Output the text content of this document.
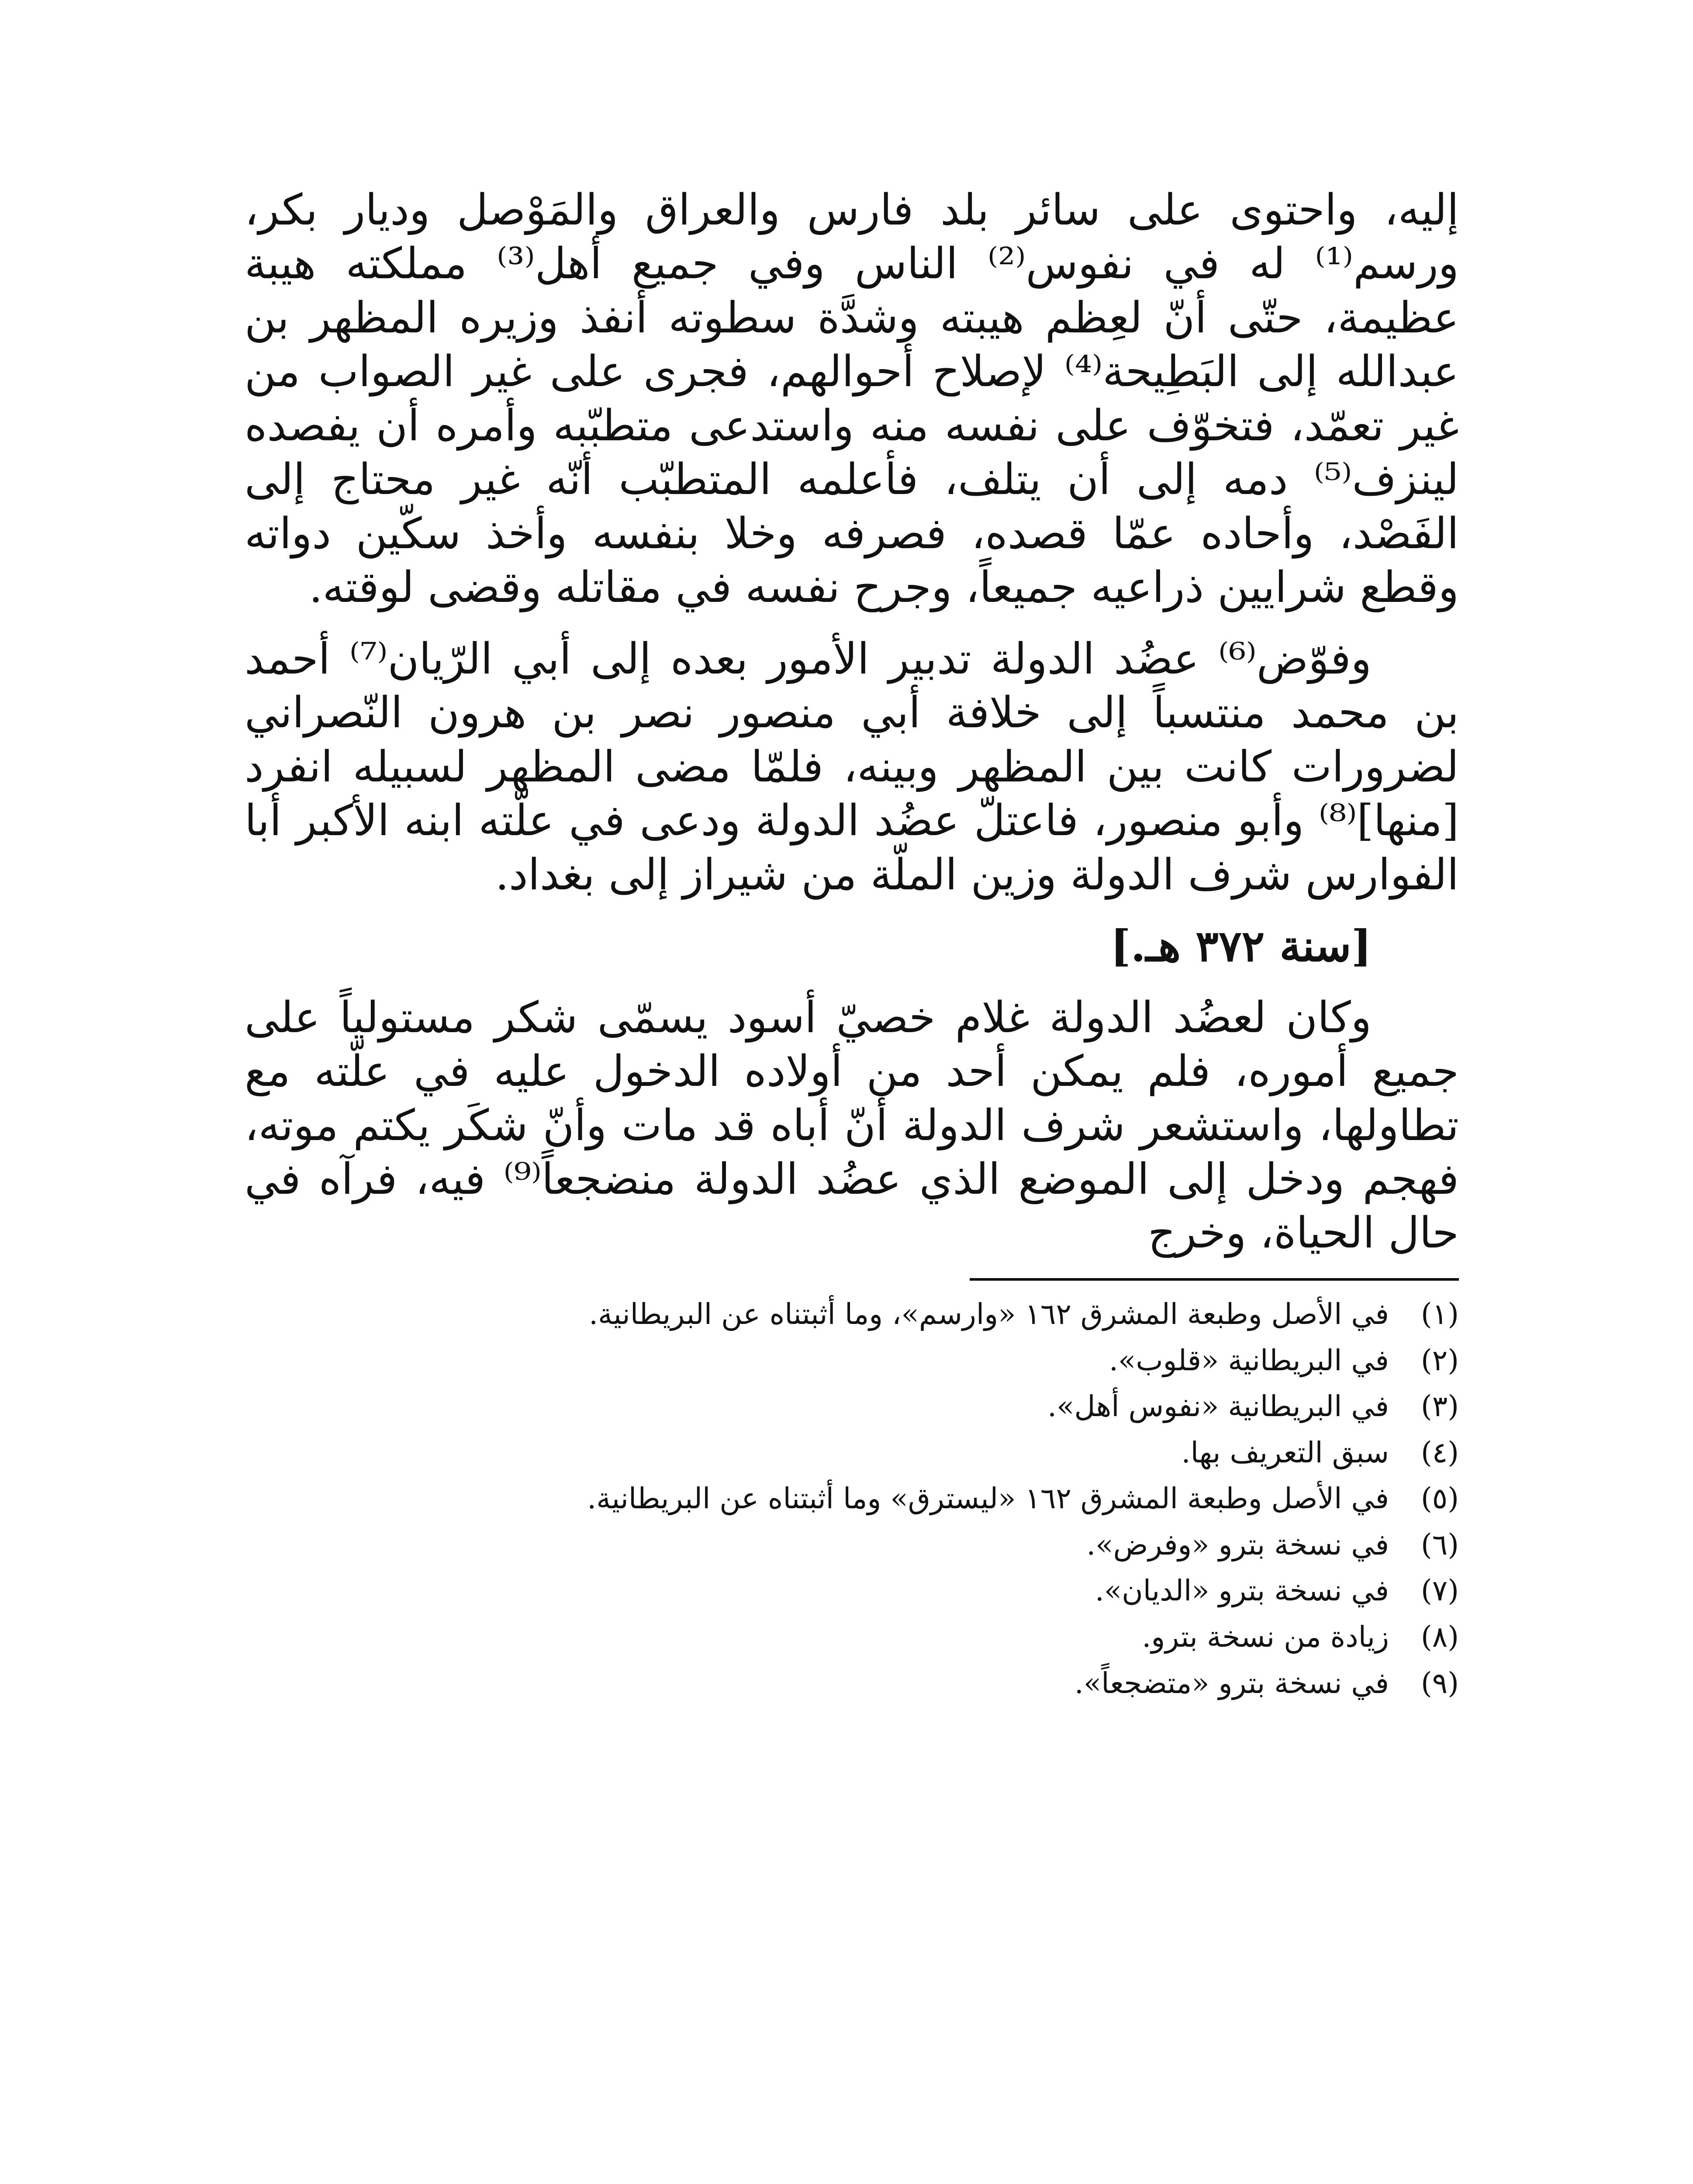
إليه، واحتوى على سائر بلد فارس والعراق والمَوْصل وديار بكر، ورسم⁽¹⁾ له في نفوس⁽²⁾ الناس وفي جميع أهل⁽³⁾ مملكته هيبة عظيمة، حتّى أنّ لعِظم هيبته وشدَّة سطوته أنفذ وزيره المظهر بن عبدالله إلى البَطِيحة⁽⁴⁾ لإصلاح أحوالهم، فجرى على غير الصواب من غير تعمّد، فتخوّف على نفسه منه واستدعى متطبّبه وأمره أن يفصده لينزف⁽⁵⁾ دمه إلى أن يتلف، فأعلمه المتطبّب أنّه غير محتاج إلى الفَصْد، وأحاده عمّا قصده، فصرفه وخلا بنفسه وأخذ سكّين دواته وقطع شرايين ذراعيه جميعاً، وجرح نفسه في مقاتله وقضى لوقته.

وفوّض⁽⁶⁾ عضُد الدولة تدبير الأمور بعده إلى أبي الرّيان⁽⁷⁾ أحمد بن محمد منتسباً إلى خلافة أبي منصور نصر بن هرون النّصراني لضرورات كانت بين المظهر وبينه، فلمّا مضى المظهر لسبيله انفرد [منها]⁽⁸⁾ وأبو منصور، فاعتلّ عضُد الدولة ودعى في علّته ابنه الأكبر أبا الفوارس شرف الدولة وزين الملّة من شيراز إلى بغداد.

[سنة ٣٧٢ هـ.]

وكان لعضُد الدولة غلام خصيّ أسود يسمّى شكر مستولياً على جميع أموره، فلم يمكن أحد من أولاده الدخول عليه في علّته مع تطاولها، واستشعر شرف الدولة أنّ أباه قد مات وأنّ شكَر يكتم موته، فهجم ودخل إلى الموضع الذي عضُد الدولة منضجعاً⁽⁹⁾ فيه، فرآه في حال الحياة، وخرج

(١)
في الأصل وطبعة المشرق ١٦٢ «وارسم»، وما أثبتناه عن البريطانية.
(٢)
في البريطانية «قلوب».
(٣)
في البريطانية «نفوس أهل».
(٤)
سبق التعريف بها.
(٥)
في الأصل وطبعة المشرق ١٦٢ «ليسترق» وما أثبتناه عن البريطانية.
(٦)
في نسخة بترو «وفرض».
(٧)
في نسخة بترو «الديان».
(٨)
زيادة من نسخة بترو.
(٩)
في نسخة بترو «متضجعاً».
